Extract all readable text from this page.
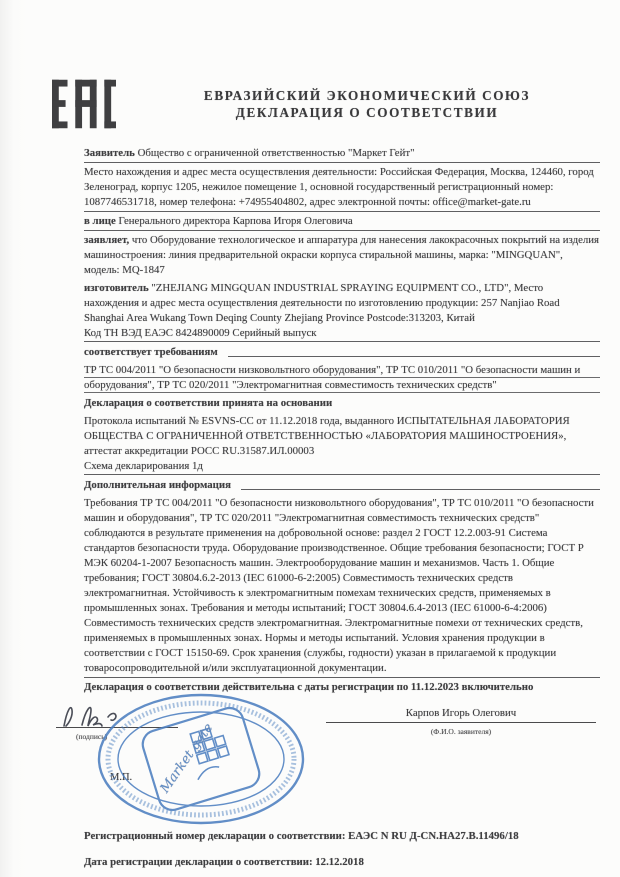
ЕВРАЗИЙСКИЙ ЭКОНОМИЧЕСКИЙ СОЮЗ
ДЕКЛАРАЦИЯ О СООТВЕТСТВИИ
Заявитель Общество с ограниченной ответственностью "Маркет Гейт"
Место нахождения и адрес места осуществления деятельности: Российская Федерация, Москва, 124460, город Зеленоград, корпус 1205, нежилое помещение 1, основной государственный регистрационный номер: 1087746531718, номер телефона: +74955404802, адрес электронной почты: office@market-gate.ru
в лице Генерального директора Карпова Игоря Олеговича
заявляет, что Оборудование технологическое и аппаратура для нанесения лакокрасочных покрытий на изделия машиностроения: линия предварительной окраски корпуса стиральной машины, марка: "MINGQUAN", модель: MQ-1847
изготовитель "ZHEJIANG MINGQUAN INDUSTRIAL SPRAYING EQUIPMENT CO., LTD", Место нахождения и адрес места осуществления деятельности по изготовлению продукции: 257 Nanjiao Road Shanghai Area Wukang Town Deqing County Zhejiang Province Postcode:313203, Китай
Код ТН ВЭД ЕАЭС 8424890009 Серийный выпуск
соответствует требованиям
ТР ТС 004/2011 "О безопасности низковольтного оборудования", ТР ТС 010/2011 "О безопасности машин и оборудования", ТР ТС 020/2011 "Электромагнитная совместимость технических средств"
Декларация о соответствии принята на основании
Протокола испытаний № ESVNS-CC от 11.12.2018 года, выданного ИСПЫТАТЕЛЬНАЯ ЛАБОРАТОРИЯ ОБЩЕСТВА С ОГРАНИЧЕННОЙ ОТВЕТСТВЕННОСТЬЮ «ЛАБОРАТОРИЯ МАШИНОСТРОЕНИЯ», аттестат аккредитации РОСС RU.31587.ИЛ.00003
Схема декларирования 1д
Дополнительная информация
Требования ТР ТС 004/2011 "О безопасности низковольтного оборудования", ТР ТС 010/2011 "О безопасности машин и оборудования", ТР ТС 020/2011 "Электромагнитная совместимость технических средств" соблюдаются в результате применения на добровольной основе: раздел 2 ГОСТ 12.2.003-91 Система стандартов безопасности труда. Оборудование производственное. Общие требования безопасности; ГОСТ Р МЭК 60204-1-2007 Безопасность машин. Электрооборудование машин и механизмов. Часть 1. Общие требования; ГОСТ 30804.6.2-2013 (IEC 61000-6-2:2005) Совместимость технических средств электромагнитная. Устойчивость к электромагнитным помехам технических средств, применяемых в промышленных зонах. Требования и методы испытаний; ГОСТ 30804.6.4-2013 (IEC 61000-6-4:2006) Совместимость технических средств электромагнитная. Электромагнитные помехи от технических средств, применяемых в промышленных зонах. Нормы и методы испытаний. Условия хранения продукции в соответствии с ГОСТ 15150-69. Срок хранения (службы, годности) указан в прилагаемой к продукции товаросопроводительной и/или эксплуатационной документации.
Декларация о соответствии действительна с даты регистрации по 11.12.2023 включительно
(подпись)
М.П. Market gate
Карпов Игорь Олегович
(Ф.И.О. заявителя)
Регистрационный номер декларации о соответствии: ЕАЭС N RU Д-CN.НА27.В.11496/18
Дата регистрации декларации о соответствии: 12.12.2018
